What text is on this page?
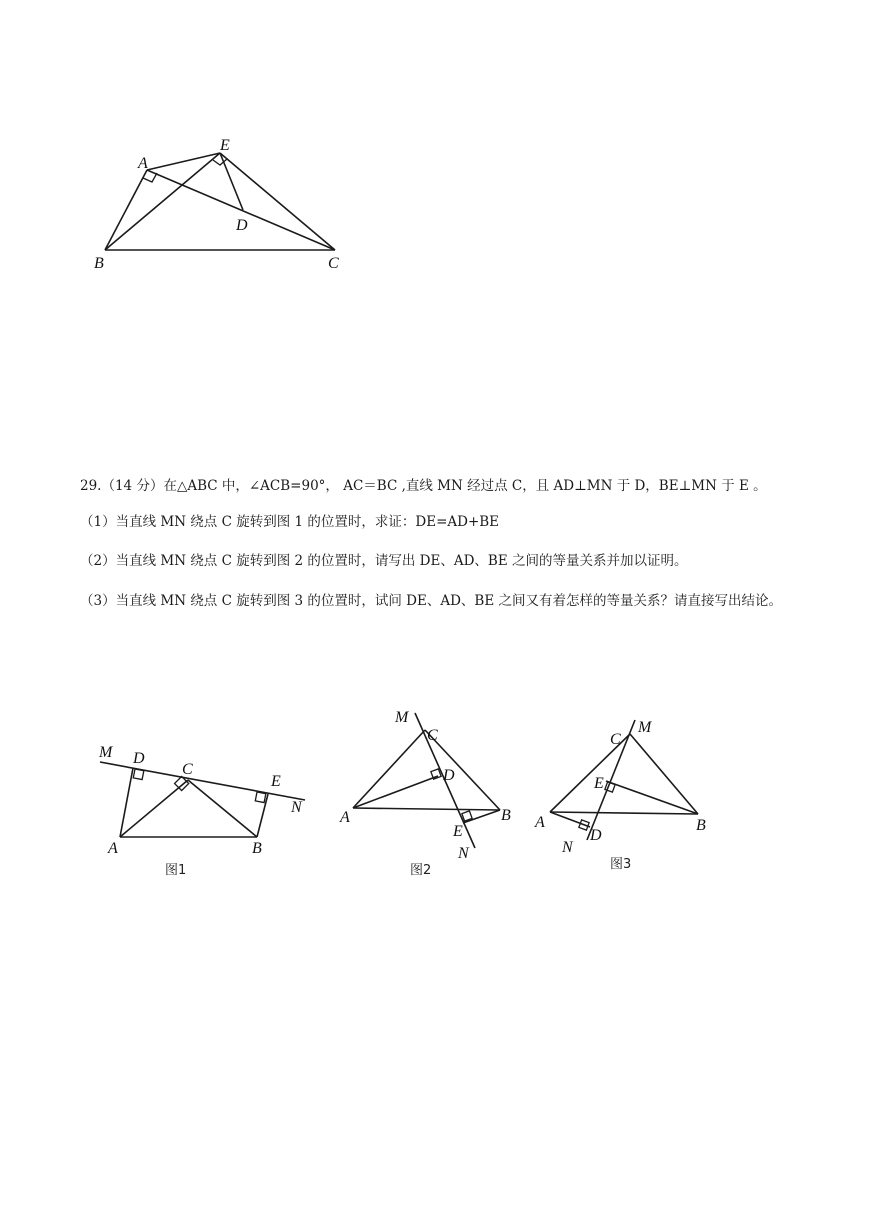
A
E
D
B	C

29.（14 分）在△ABC 中，∠ACB=90°， AC＝BC ,直线 MN 经过点 C，且 AD⊥MN 于 D，BE⊥MN 于 E 。

（1）当直线 MN 绕点 C 旋转到图 1 的位置时，求证：DE=AD+BE

（2）当直线 MN 绕点 C 旋转到图 2 的位置时，请写出 DE、AD、BE 之间的等量关系并加以证明。

（3）当直线 MN 绕点 C 旋转到图 3 的位置时，试问 DE、AD、BE 之间又有着怎样的等量关系？请直接写出结论。

M D
C
E
N
A	B
图1
M
C
D
A	B
E
N
图2
C
M
E
A
D
B
N
图3
